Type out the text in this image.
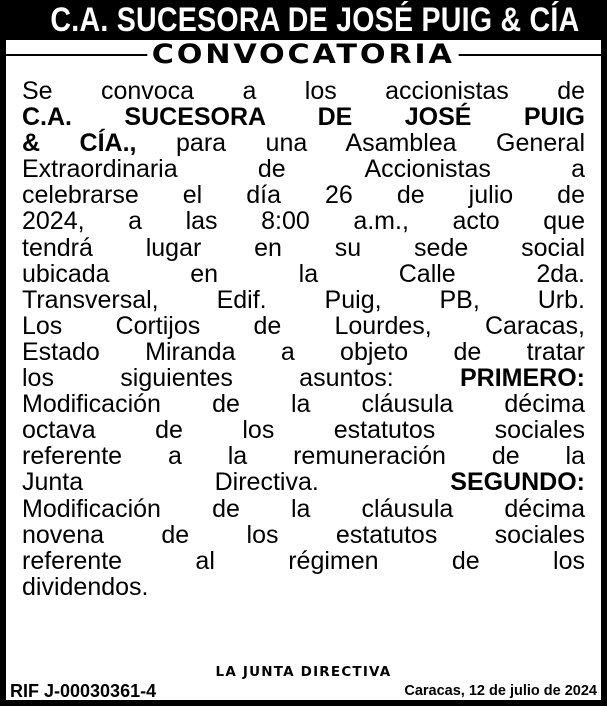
C.A. SUCESORA DE JOSÉ PUIG & CÍA
CONVOCATORIA
Se convoca a los accionistas de
C.A. SUCESORA DE JOSÉ PUIG
& CÍA., para una Asamblea General
Extraordinaria de Accionistas a
celebrarse el día 26 de julio de
2024, a las 8:00 a.m., acto que
tendrá lugar en su sede social
ubicada en la Calle 2da.
Transversal, Edif. Puig, PB, Urb.
Los Cortijos de Lourdes, Caracas,
Estado Miranda a objeto de tratar
los siguientes asuntos: PRIMERO:
Modificación de la cláusula décima
octava de los estatutos sociales
referente a la remuneración de la
Junta Directiva. SEGUNDO:
Modificación de la cláusula décima
novena de los estatutos sociales
referente al régimen de los
dividendos.
LA JUNTA DIRECTIVA
RIF J-00030361-4	Caracas, 12 de julio de 2024
